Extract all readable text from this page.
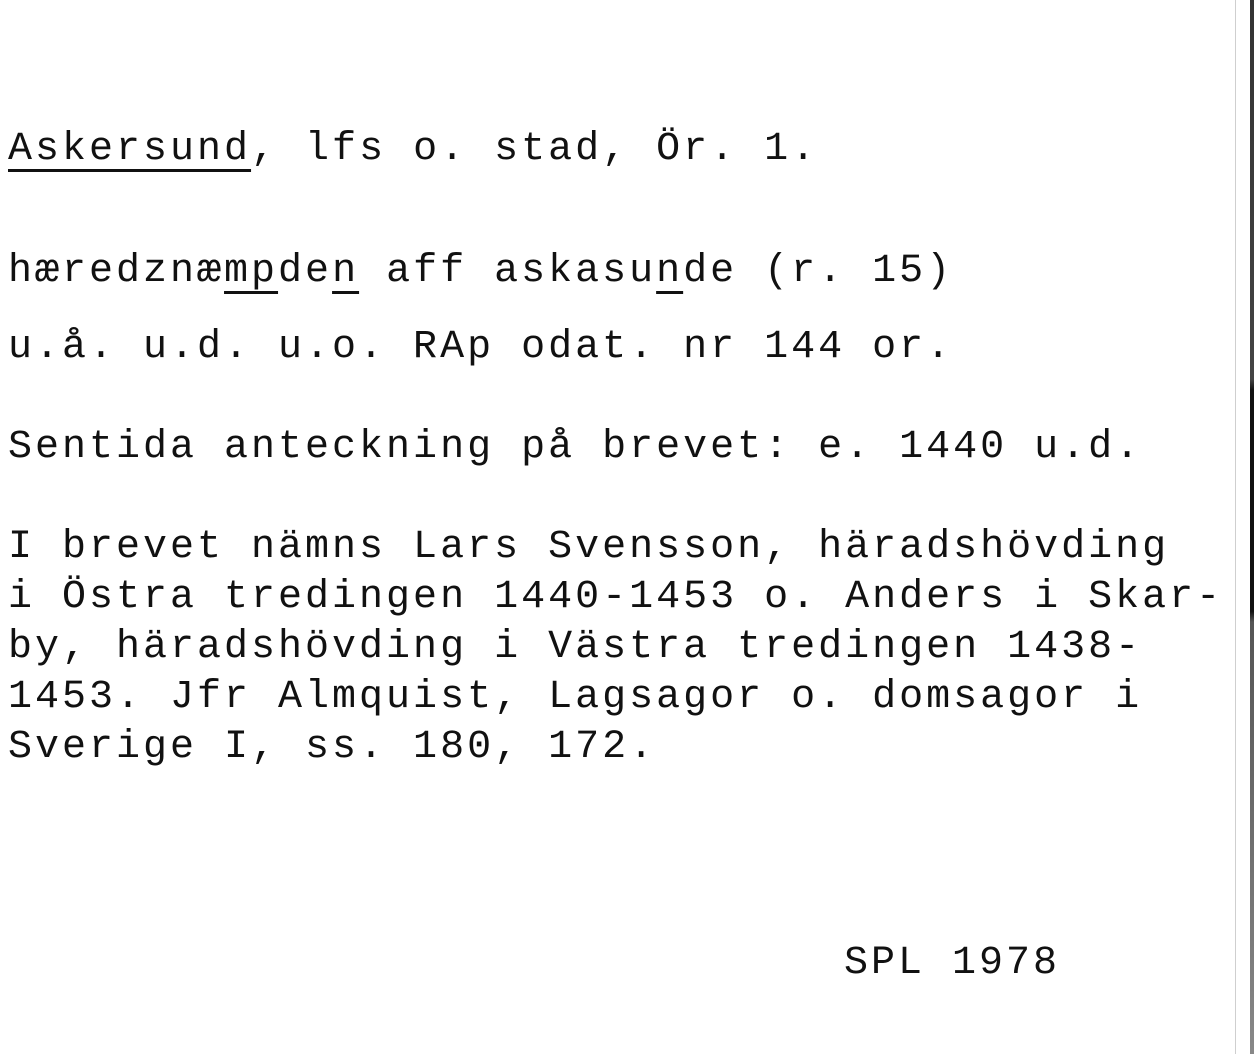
Askersund, lfs o. stad, Ör. 1.
hæredznæmpden aff askasunde (r. 15)
u.å. u.d. u.o. RAp odat. nr 144 or.
Sentida anteckning på brevet: e. 1440 u.d.
I brevet nämns Lars Svensson, häradshövding
i Östra tredingen 1440-1453 o. Anders i Skar-
by, häradshövding i Västra tredingen 1438-
1453. Jfr Almquist, Lagsagor o. domsagor i
Sverige I, ss. 180, 172.
SPL 1978
